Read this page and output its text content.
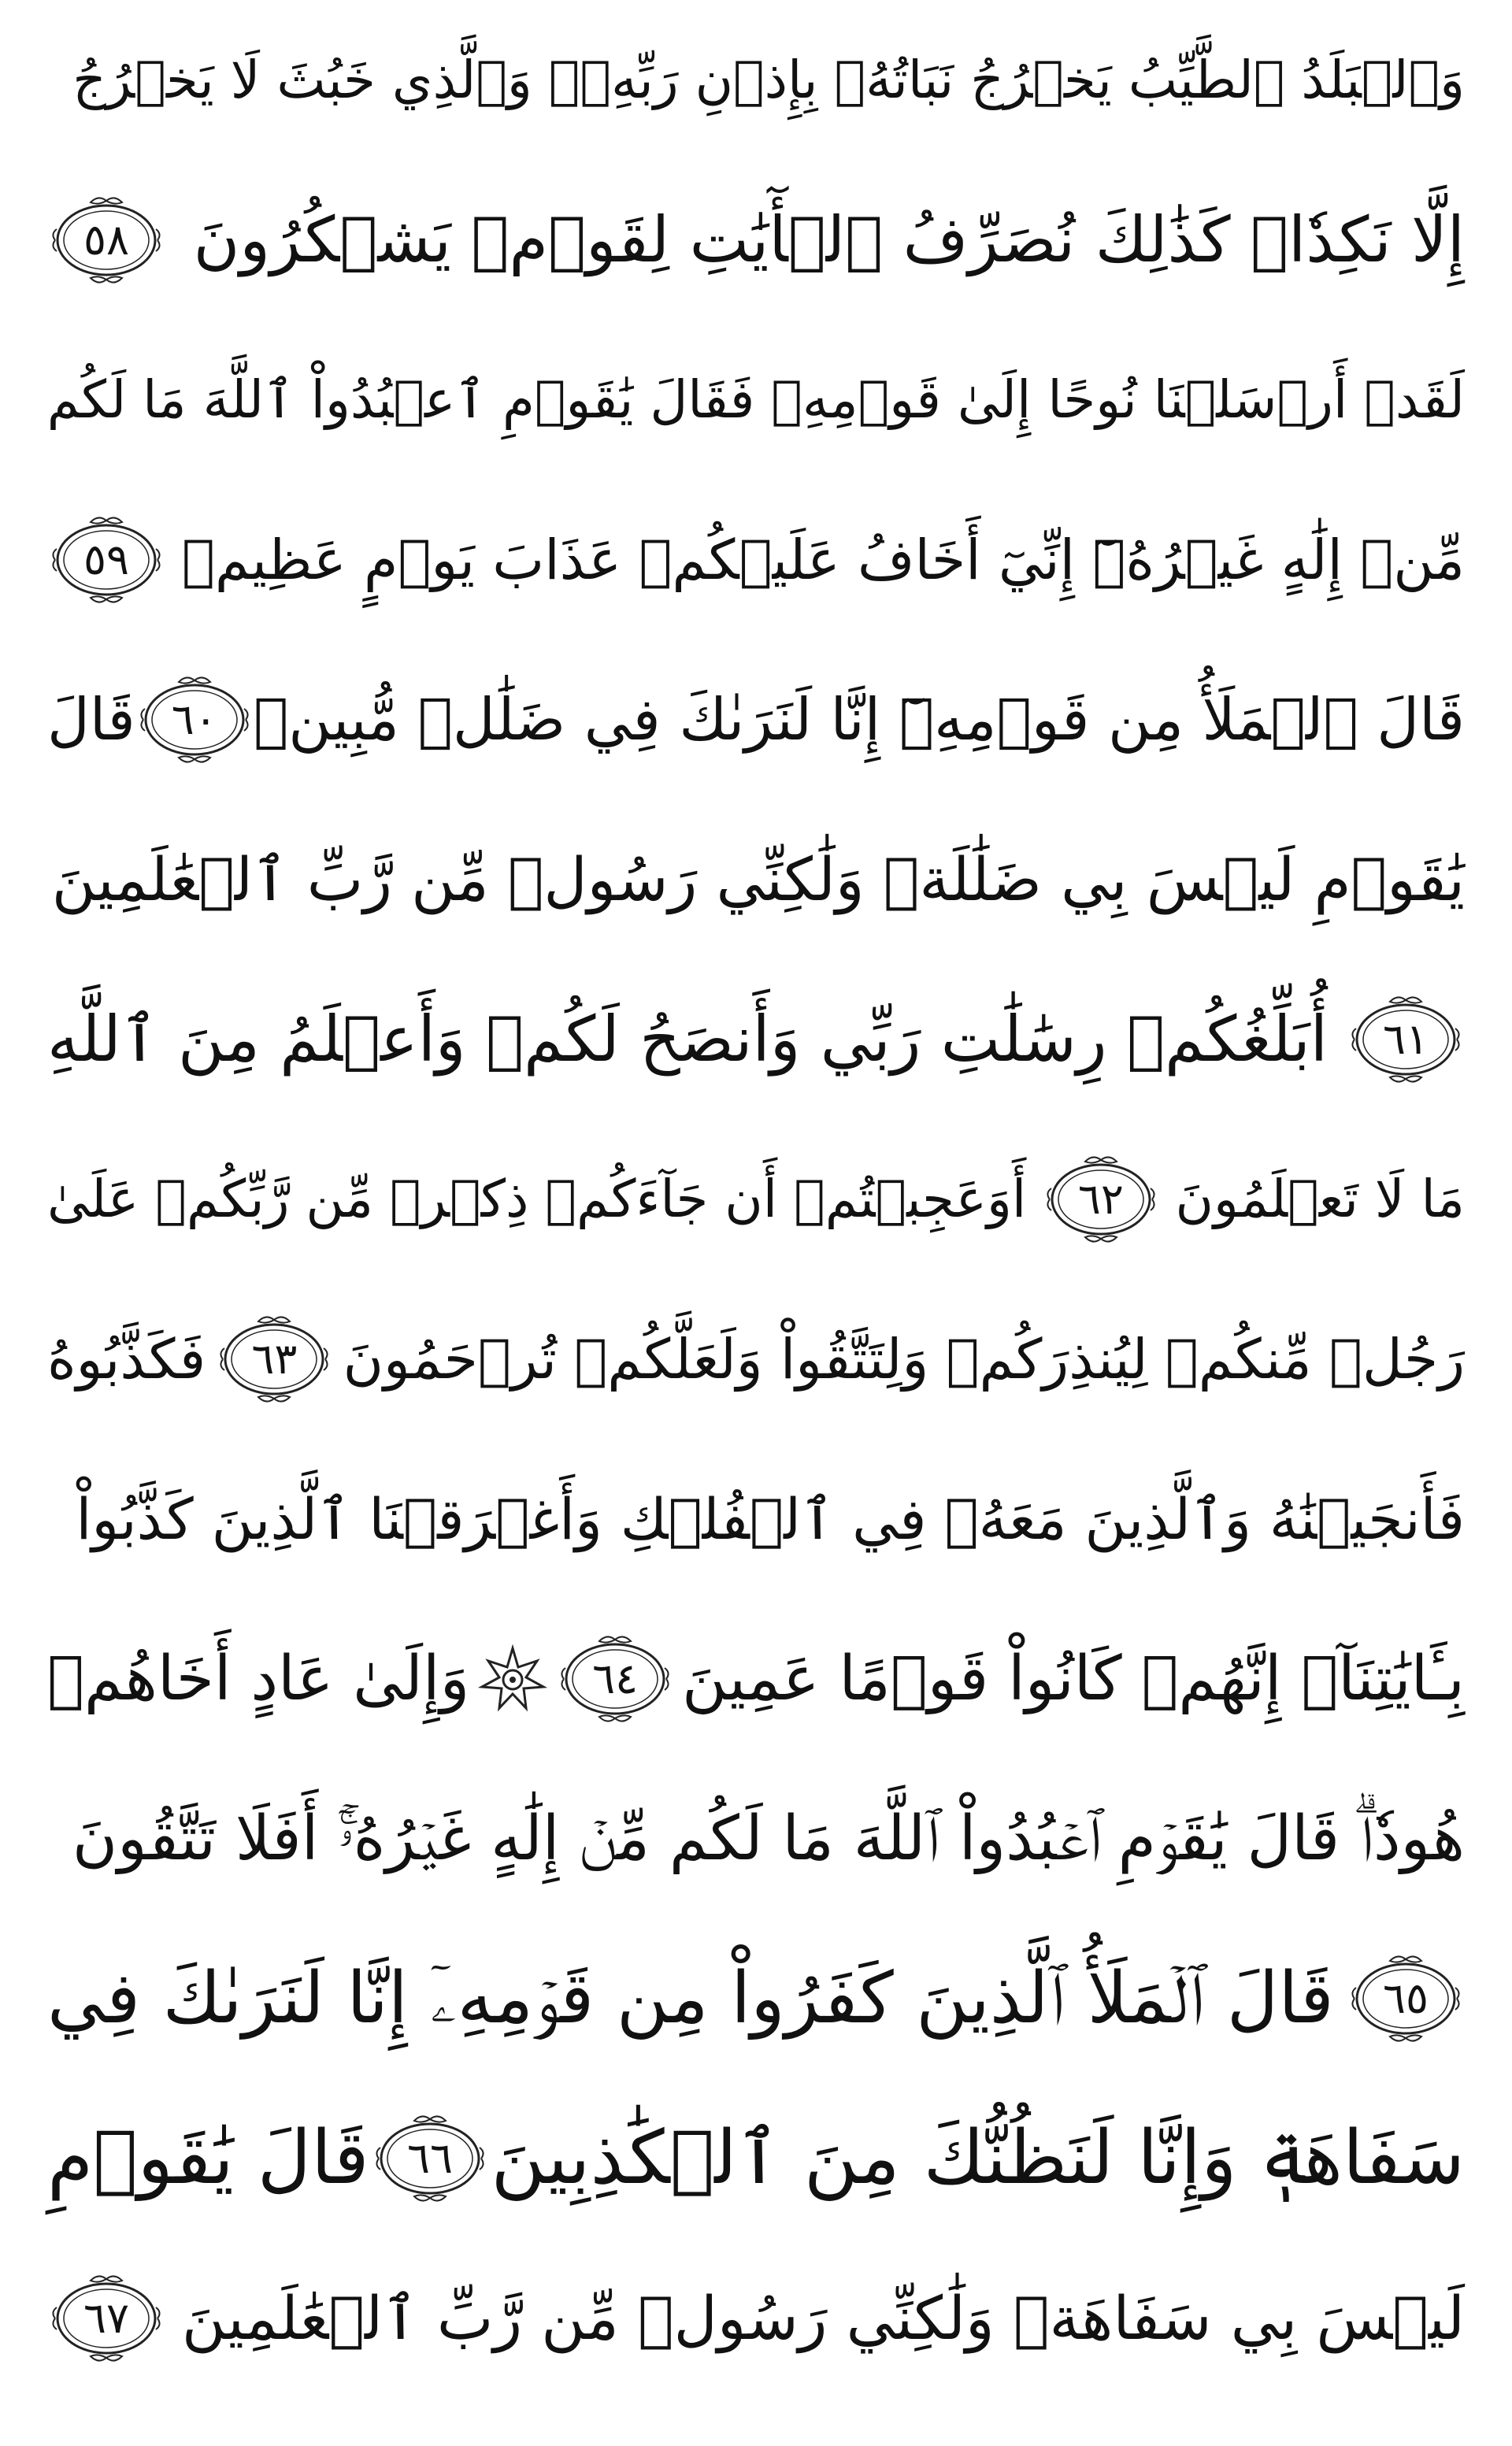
وَٱلۡبَلَدُ ٱلطَّيِّبُ يَخۡرُجُ نَبَاتُهُۥ بِإِذۡنِ رَبِّهِۦۖ وَٱلَّذِي خَبُثَ لَا يَخۡرُجُ
إِلَّا نَكِدٗاۚ كَذَٰلِكَ نُصَرِّفُ ٱلۡأٓيَٰتِ لِقَوۡمٖ يَشۡكُرُونَ
٥٨
لَقَدۡ أَرۡسَلۡنَا نُوحًا إِلَىٰ قَوۡمِهِۦ فَقَالَ يَٰقَوۡمِ ٱعۡبُدُواْ ٱللَّهَ مَا لَكُم
مِّنۡ إِلَٰهٍ غَيۡرُهُۥٓ إِنِّيٓ أَخَافُ عَلَيۡكُمۡ عَذَابَ يَوۡمٍ عَظِيمٖ
٥٩
قَالَ ٱلۡمَلَأُ مِن قَوۡمِهِۦٓ إِنَّا لَنَرَىٰكَ فِي ضَلَٰلٖ مُّبِينٖ
٦٠
قَالَ
يَٰقَوۡمِ لَيۡسَ بِي ضَلَٰلَةٞ وَلَٰكِنِّي رَسُولٞ مِّن رَّبِّ ٱلۡعَٰلَمِينَ
٦١
أُبَلِّغُكُمۡ رِسَٰلَٰتِ رَبِّي وَأَنصَحُ لَكُمۡ وَأَعۡلَمُ مِنَ ٱللَّهِ
مَا لَا تَعۡلَمُونَ
٦٢
أَوَعَجِبۡتُمۡ أَن جَآءَكُمۡ ذِكۡرٞ مِّن رَّبِّكُمۡ عَلَىٰ
رَجُلٖ مِّنكُمۡ لِيُنذِرَكُمۡ وَلِتَتَّقُواْ وَلَعَلَّكُمۡ تُرۡحَمُونَ
٦٣
فَكَذَّبُوهُ
فَأَنجَيۡنَٰهُ وَٱلَّذِينَ مَعَهُۥ فِي ٱلۡفُلۡكِ وَأَغۡرَقۡنَا ٱلَّذِينَ كَذَّبُواْ
بِـَٔايَٰتِنَآۚ إِنَّهُمۡ كَانُواْ قَوۡمًا عَمِينَ
٦٤
وَإِلَىٰ عَادٍ أَخَاهُمۡ
هُودٗاۗ قَالَ يَٰقَوۡمِ ٱعۡبُدُواْ ٱللَّهَ مَا لَكُم مِّنۡ إِلَٰهٍ غَيۡرُهُۥٓۚ أَفَلَا تَتَّقُونَ
٦٥
قَالَ ٱلۡمَلَأُ ٱلَّذِينَ كَفَرُواْ مِن قَوۡمِهِۦٓ إِنَّا لَنَرَىٰكَ فِي
سَفَاهَةٖ وَإِنَّا لَنَظُنُّكَ مِنَ ٱلۡكَٰذِبِينَ
٦٦
قَالَ يَٰقَوۡمِ
لَيۡسَ بِي سَفَاهَةٞ وَلَٰكِنِّي رَسُولٞ مِّن رَّبِّ ٱلۡعَٰلَمِينَ
٦٧
